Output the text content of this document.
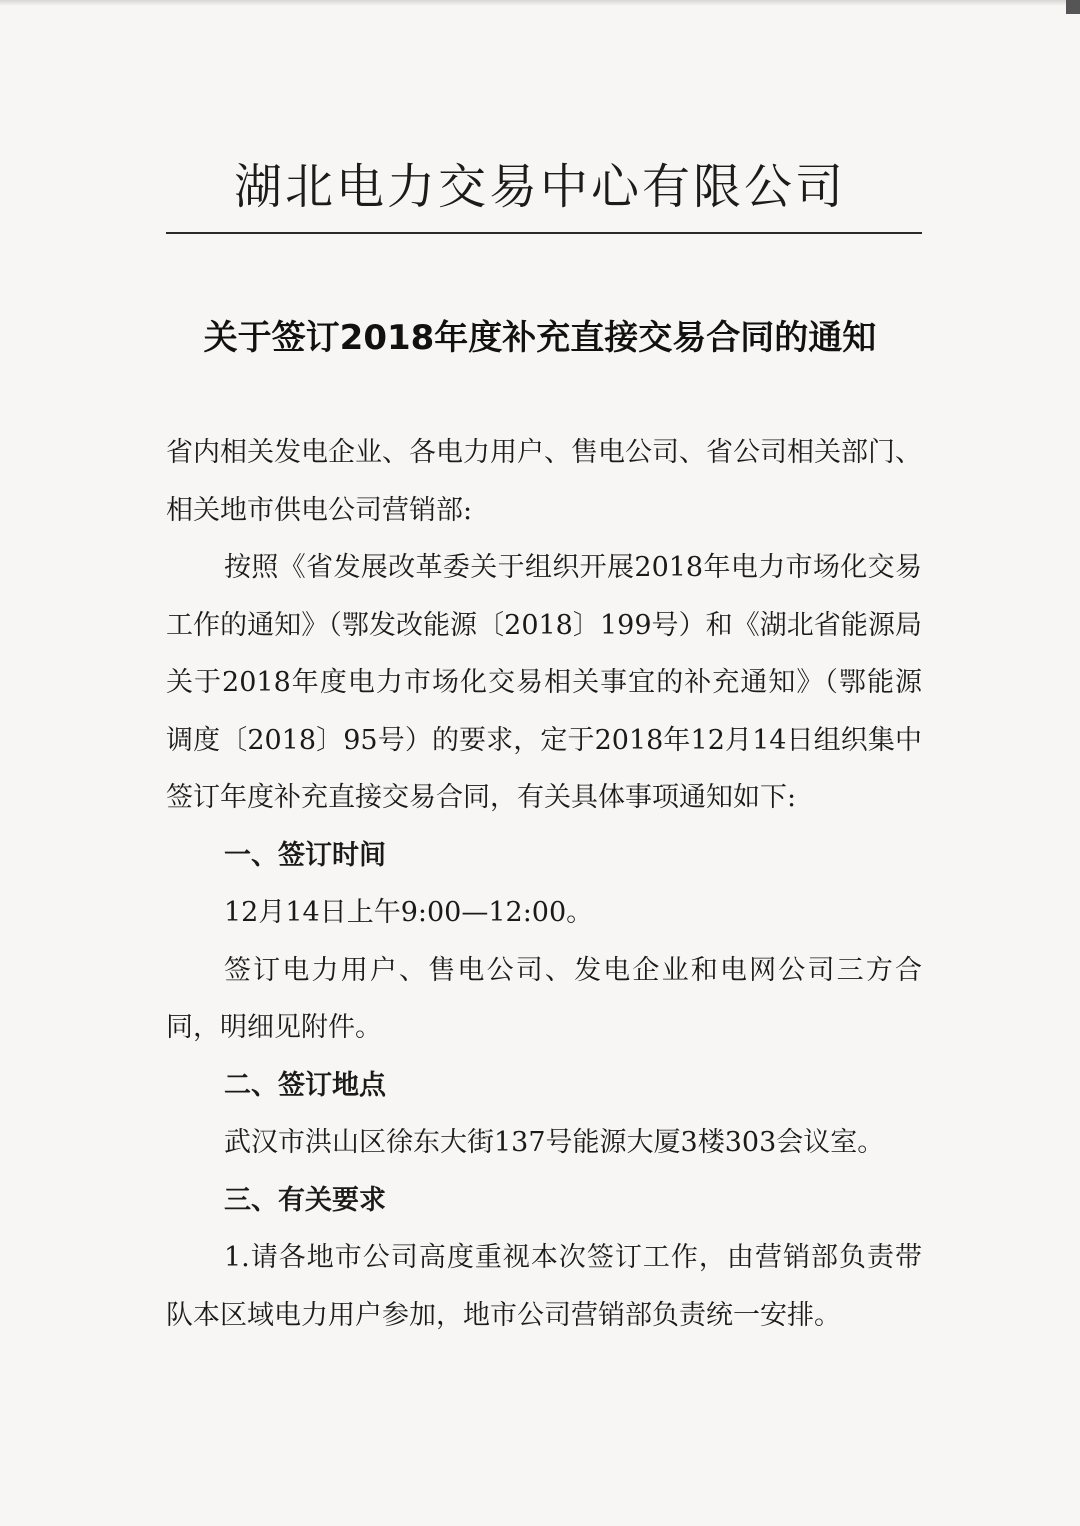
湖北电力交易中心有限公司
关于签订2018年度补充直接交易合同的通知

省内相关发电企业、各电力用户、售电公司、省公司相关部门、相关地市供电公司营销部:

按照《省发展改革委关于组织开展2018年电力市场化交易工作的通知》（鄂发改能源〔2018〕199号）和《湖北省能源局关于2018年度电力市场化交易相关事宜的补充通知》（鄂能源调度〔2018〕95号）的要求，定于2018年12月14日组织集中签订年度补充直接交易合同，有关具体事项通知如下:

一、签订时间

12月14日上午9:00—12:00。

签订电力用户、售电公司、发电企业和电网公司三方合同，明细见附件。

二、签订地点

武汉市洪山区徐东大街137号能源大厦3楼303会议室。

三、有关要求

1.请各地市公司高度重视本次签订工作，由营销部负责带队本区域电力用户参加，地市公司营销部负责统一安排。
